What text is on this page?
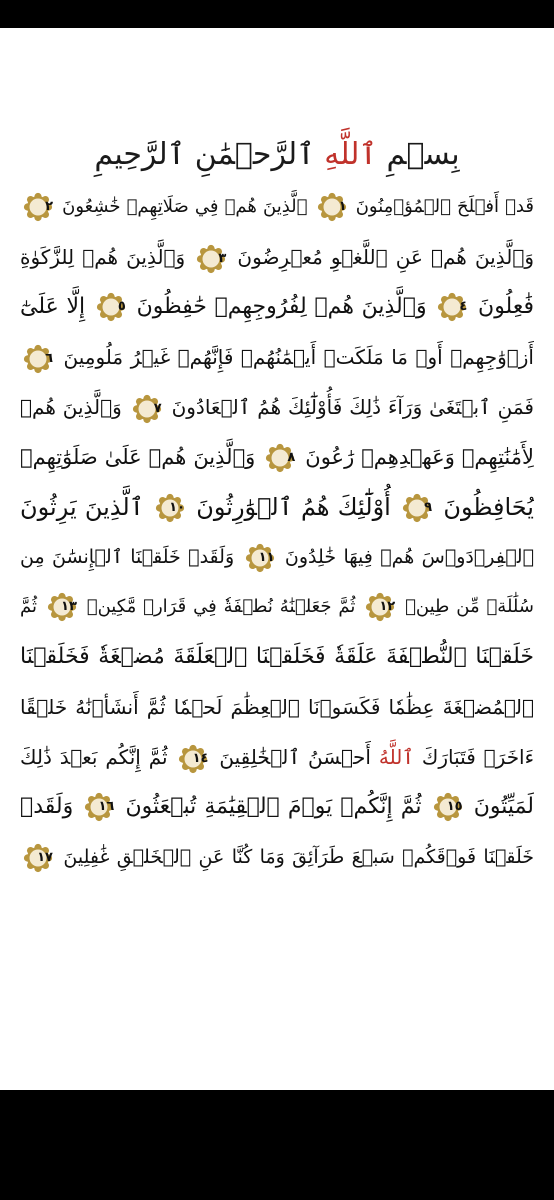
بِسۡمِ ٱللَّهِ ٱلرَّحۡمَٰنِ ٱلرَّحِيمِ
قَدۡ أَفۡلَحَ ٱلۡمُؤۡمِنُونَ
١
ٱلَّذِينَ هُمۡ فِي صَلَاتِهِمۡ خَٰشِعُونَ
٢
وَٱلَّذِينَ هُمۡ عَنِ ٱللَّغۡوِ مُعۡرِضُونَ
٣
وَٱلَّذِينَ هُمۡ لِلزَّكَوٰةِ
فَٰعِلُونَ
٤
وَٱلَّذِينَ هُمۡ لِفُرُوجِهِمۡ حَٰفِظُونَ
٥
إِلَّا عَلَىٰٓ
أَزۡوَٰجِهِمۡ أَوۡ مَا مَلَكَتۡ أَيۡمَٰنُهُمۡ فَإِنَّهُمۡ غَيۡرُ مَلُومِينَ
٦
فَمَنِ ٱبۡتَغَىٰ وَرَآءَ ذَٰلِكَ فَأُوْلَٰٓئِكَ هُمُ ٱلۡعَادُونَ
٧
وَٱلَّذِينَ هُمۡ
لِأَمَٰنَٰتِهِمۡ وَعَهۡدِهِمۡ رَٰعُونَ
٨
وَٱلَّذِينَ هُمۡ عَلَىٰ صَلَوَٰتِهِمۡ
يُحَافِظُونَ
٩
أُوْلَٰٓئِكَ هُمُ ٱلۡوَٰرِثُونَ
١٠
ٱلَّذِينَ يَرِثُونَ
ٱلۡفِرۡدَوۡسَ هُمۡ فِيهَا خَٰلِدُونَ
١١
وَلَقَدۡ خَلَقۡنَا ٱلۡإِنسَٰنَ مِن
سُلَٰلَةٖ مِّن طِينٖ
١٢
ثُمَّ جَعَلۡنَٰهُ نُطۡفَةٗ فِي قَرَارٖ مَّكِينٖ
١٣
ثُمَّ
خَلَقۡنَا ٱلنُّطۡفَةَ عَلَقَةٗ فَخَلَقۡنَا ٱلۡعَلَقَةَ مُضۡغَةٗ فَخَلَقۡنَا
ٱلۡمُضۡغَةَ عِظَٰمٗا فَكَسَوۡنَا ٱلۡعِظَٰمَ لَحۡمٗا ثُمَّ أَنشَأۡنَٰهُ خَلۡقًا
ءَاخَرَۚ فَتَبَارَكَ ٱللَّهُ أَحۡسَنُ ٱلۡخَٰلِقِينَ
١٤
ثُمَّ إِنَّكُم بَعۡدَ ذَٰلِكَ
لَمَيِّتُونَ
١٥
ثُمَّ إِنَّكُمۡ يَوۡمَ ٱلۡقِيَٰمَةِ تُبۡعَثُونَ
١٦
وَلَقَدۡ
خَلَقۡنَا فَوۡقَكُمۡ سَبۡعَ طَرَآئِقَ وَمَا كُنَّا عَنِ ٱلۡخَلۡقِ غَٰفِلِينَ
١٧
